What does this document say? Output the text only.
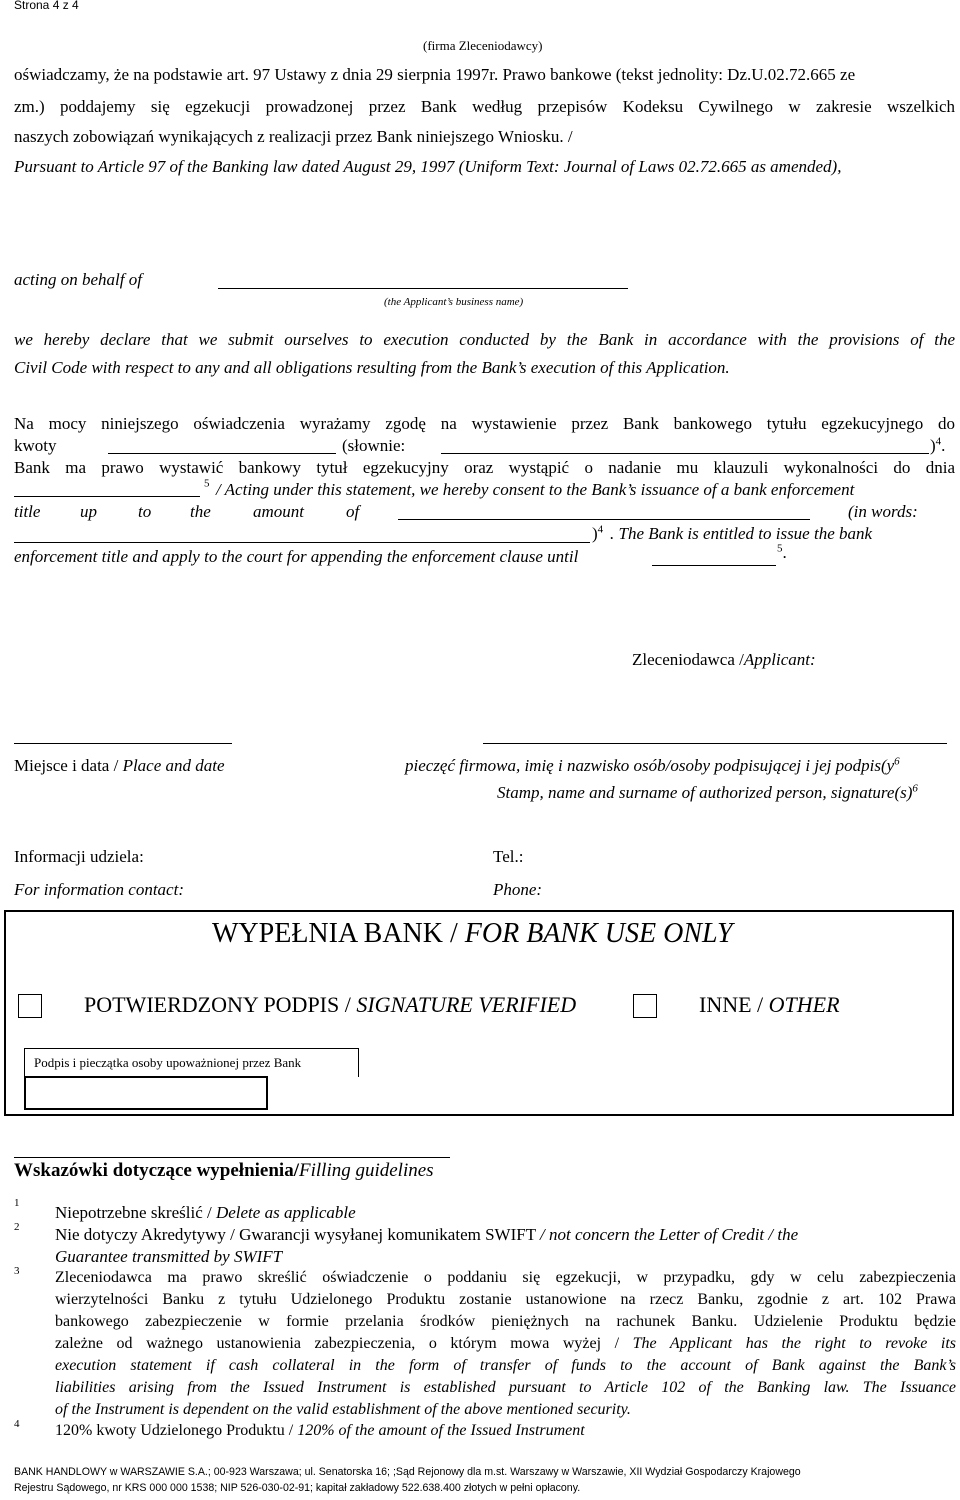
Strona 4 z 4
(firma Zleceniodawcy)
oświadczamy, że na podstawie art. 97 Ustawy z dnia 29 sierpnia 1997r. Prawo bankowe (tekst jednolity: Dz.U.02.72.665 ze
zm.) poddajemy się egzekucji prowadzonej przez Bank według przepisów Kodeksu Cywilnego w zakresie wszelkich
naszych zobowiązań wynikających z realizacji przez Bank niniejszego Wniosku. /
Pursuant to Article 97 of the Banking law dated August 29, 1997 (Uniform Text: Journal of Laws 02.72.665 as amended),
acting on behalf of
(the Applicant’s business name)
we hereby declare that we submit ourselves to execution conducted by the Bank in accordance with the provisions of the
Civil Code with respect to any and all obligations resulting from the Bank’s execution of this Application.
Na mocy niniejszego oświadczenia wyrażamy zgodę na wystawienie przez Bank bankowego tytułu egzekucyjnego do
kwoty	(słownie:	)$^4$.
Bank ma prawo wystawić bankowy tytuł egzekucyjny oraz wystąpić o nadanie mu klauzuli wykonalności do dnia
$^5$ / Acting under this statement, we hereby consent to the Bank’s issuance of a bank enforcement
title up to the amount of	(in words:
)$^4$ . The Bank is entitled to issue the bank
enforcement title and apply to the court for appending the enforcement clause until	$^5$.
Zleceniodawca /Applicant:
Miejsce i data / Place and date	pieczęć firmowa, imię i nazwisko osób/osoby podpisującej i jej $podpis(y^6$
Stamp, name and surname of authorized person, $signature(s)^6$
Informacji udziela:
For information contact:
Tel.:
Phone:
WYPEŁNIA BANK / FOR BANK USE ONLY
POTWIERDZONY PODPIS / SIGNATURE VERIFIED	INNE / OTHER
Podpis i pieczątka osoby upoważnionej przez Bank
Wskazówki dotyczące wypełnienia/Filling guidelines
1 Niepotrzebne skreślić / Delete as applicable
2 Nie dotyczy Akredytywy / Gwarancji wysyłanej komunikatem SWIFT / not concern the Letter of Credit / the
Guarantee transmitted by SWIFT
3 Zleceniodawca ma prawo skreślić oświadczenie o poddaniu się egzekucji, w przypadku, gdy w celu zabezpieczenia
wierzytelności Banku z tytułu Udzielonego Produktu zostanie ustanowione na rzecz Banku, zgodnie z art. 102 Prawa
bankowego zabezpieczenie w formie przelania środków pieniężnych na rachunek Banku. Udzielenie Produktu będzie
zależne od ważnego ustanowienia zabezpieczenia, o którym mowa wyżej / The Applicant has the right to revoke its
execution statement if cash collateral in the form of transfer of funds to the account of Bank against the Bank’s
liabilities arising from the Issued Instrument is established pursuant to Article 102 of the Banking law. The Issuance
of the Instrument is dependent on the valid establishment of the above mentioned security.
4 120% kwoty Udzielonego Produktu / 120% of the amount of the Issued Instrument
BANK HANDLOWY w WARSZAWIE S.A.; 00-923 Warszawa; ul. Senatorska 16; ;Sąd Rejonowy dla m.st. Warszawy w Warszawie, XII Wydział Gospodarczy Krajowego
Rejestru Sądowego, nr KRS 000 000 1538; NIP 526-030-02-91; kapitał zakładowy 522.638.400 złotych w pełni opłacony.
